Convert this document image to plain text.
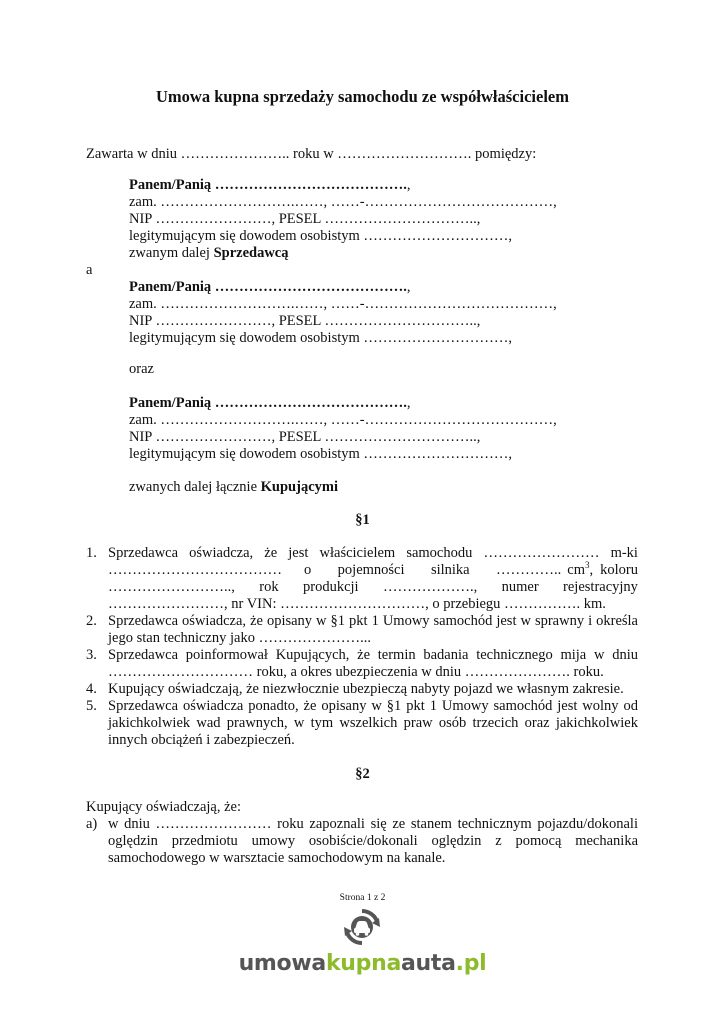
Umowa kupna sprzedaży samochodu ze współwłaścicielem
Zawarta w dniu ………………….. roku w ………………………. pomiędzy:
Panem/Panią ………………………………….,
zam. ……………………….……, ……-…………………………………,
NIP ……………………, PESEL …………………………..,
legitymującym się dowodem osobistym …………………………,
zwanym dalej Sprzedawcą
a
Panem/Panią ………………………………….,
zam. ……………………….……, ……-…………………………………,
NIP ……………………, PESEL …………………………..,
legitymującym się dowodem osobistym …………………………,
oraz
Panem/Panią ………………………………….,
zam. ……………………….……, ……-…………………………………,
NIP ……………………, PESEL …………………………..,
legitymującym się dowodem osobistym …………………………,
zwanych dalej łącznie Kupującymi
§1
1. Sprzedawca oświadcza, że jest właścicielem samochodu …………………… m-ki
……………………………… o pojemności silnika ………….. $cm^3$, koloru
…………………….., rok produkcji ………………., numer rejestracyjny
……………………, nr VIN: …………………………, o przebiegu ……………. km.
2. Sprzedawca oświadcza, że opisany w §1 pkt 1 Umowy samochód jest w sprawny i określa
jego stan techniczny jako …………………...
3. Sprzedawca poinformował Kupujących, że termin badania technicznego mija w dniu
………………………… roku, a okres ubezpieczenia w dniu …………………. roku.
4. Kupujący oświadczają, że niezwłocznie ubezpieczą nabyty pojazd we własnym zakresie.
5. Sprzedawca oświadcza ponadto, że opisany w §1 pkt 1 Umowy samochód jest wolny od
jakichkolwiek wad prawnych, w tym wszelkich praw osób trzecich oraz jakichkolwiek
innych obciążeń i zabezpieczeń.
§2
Kupujący oświadczają, że:
a) w dniu …………………… roku zapoznali się ze stanem technicznym pojazdu/dokonali
oględzin przedmiotu umowy osobiście/dokonali oględzin z pomocą mechanika
samochodowego w warsztacie samochodowym na kanale.
Strona 1 z 2
umowakupnaauta.pl
